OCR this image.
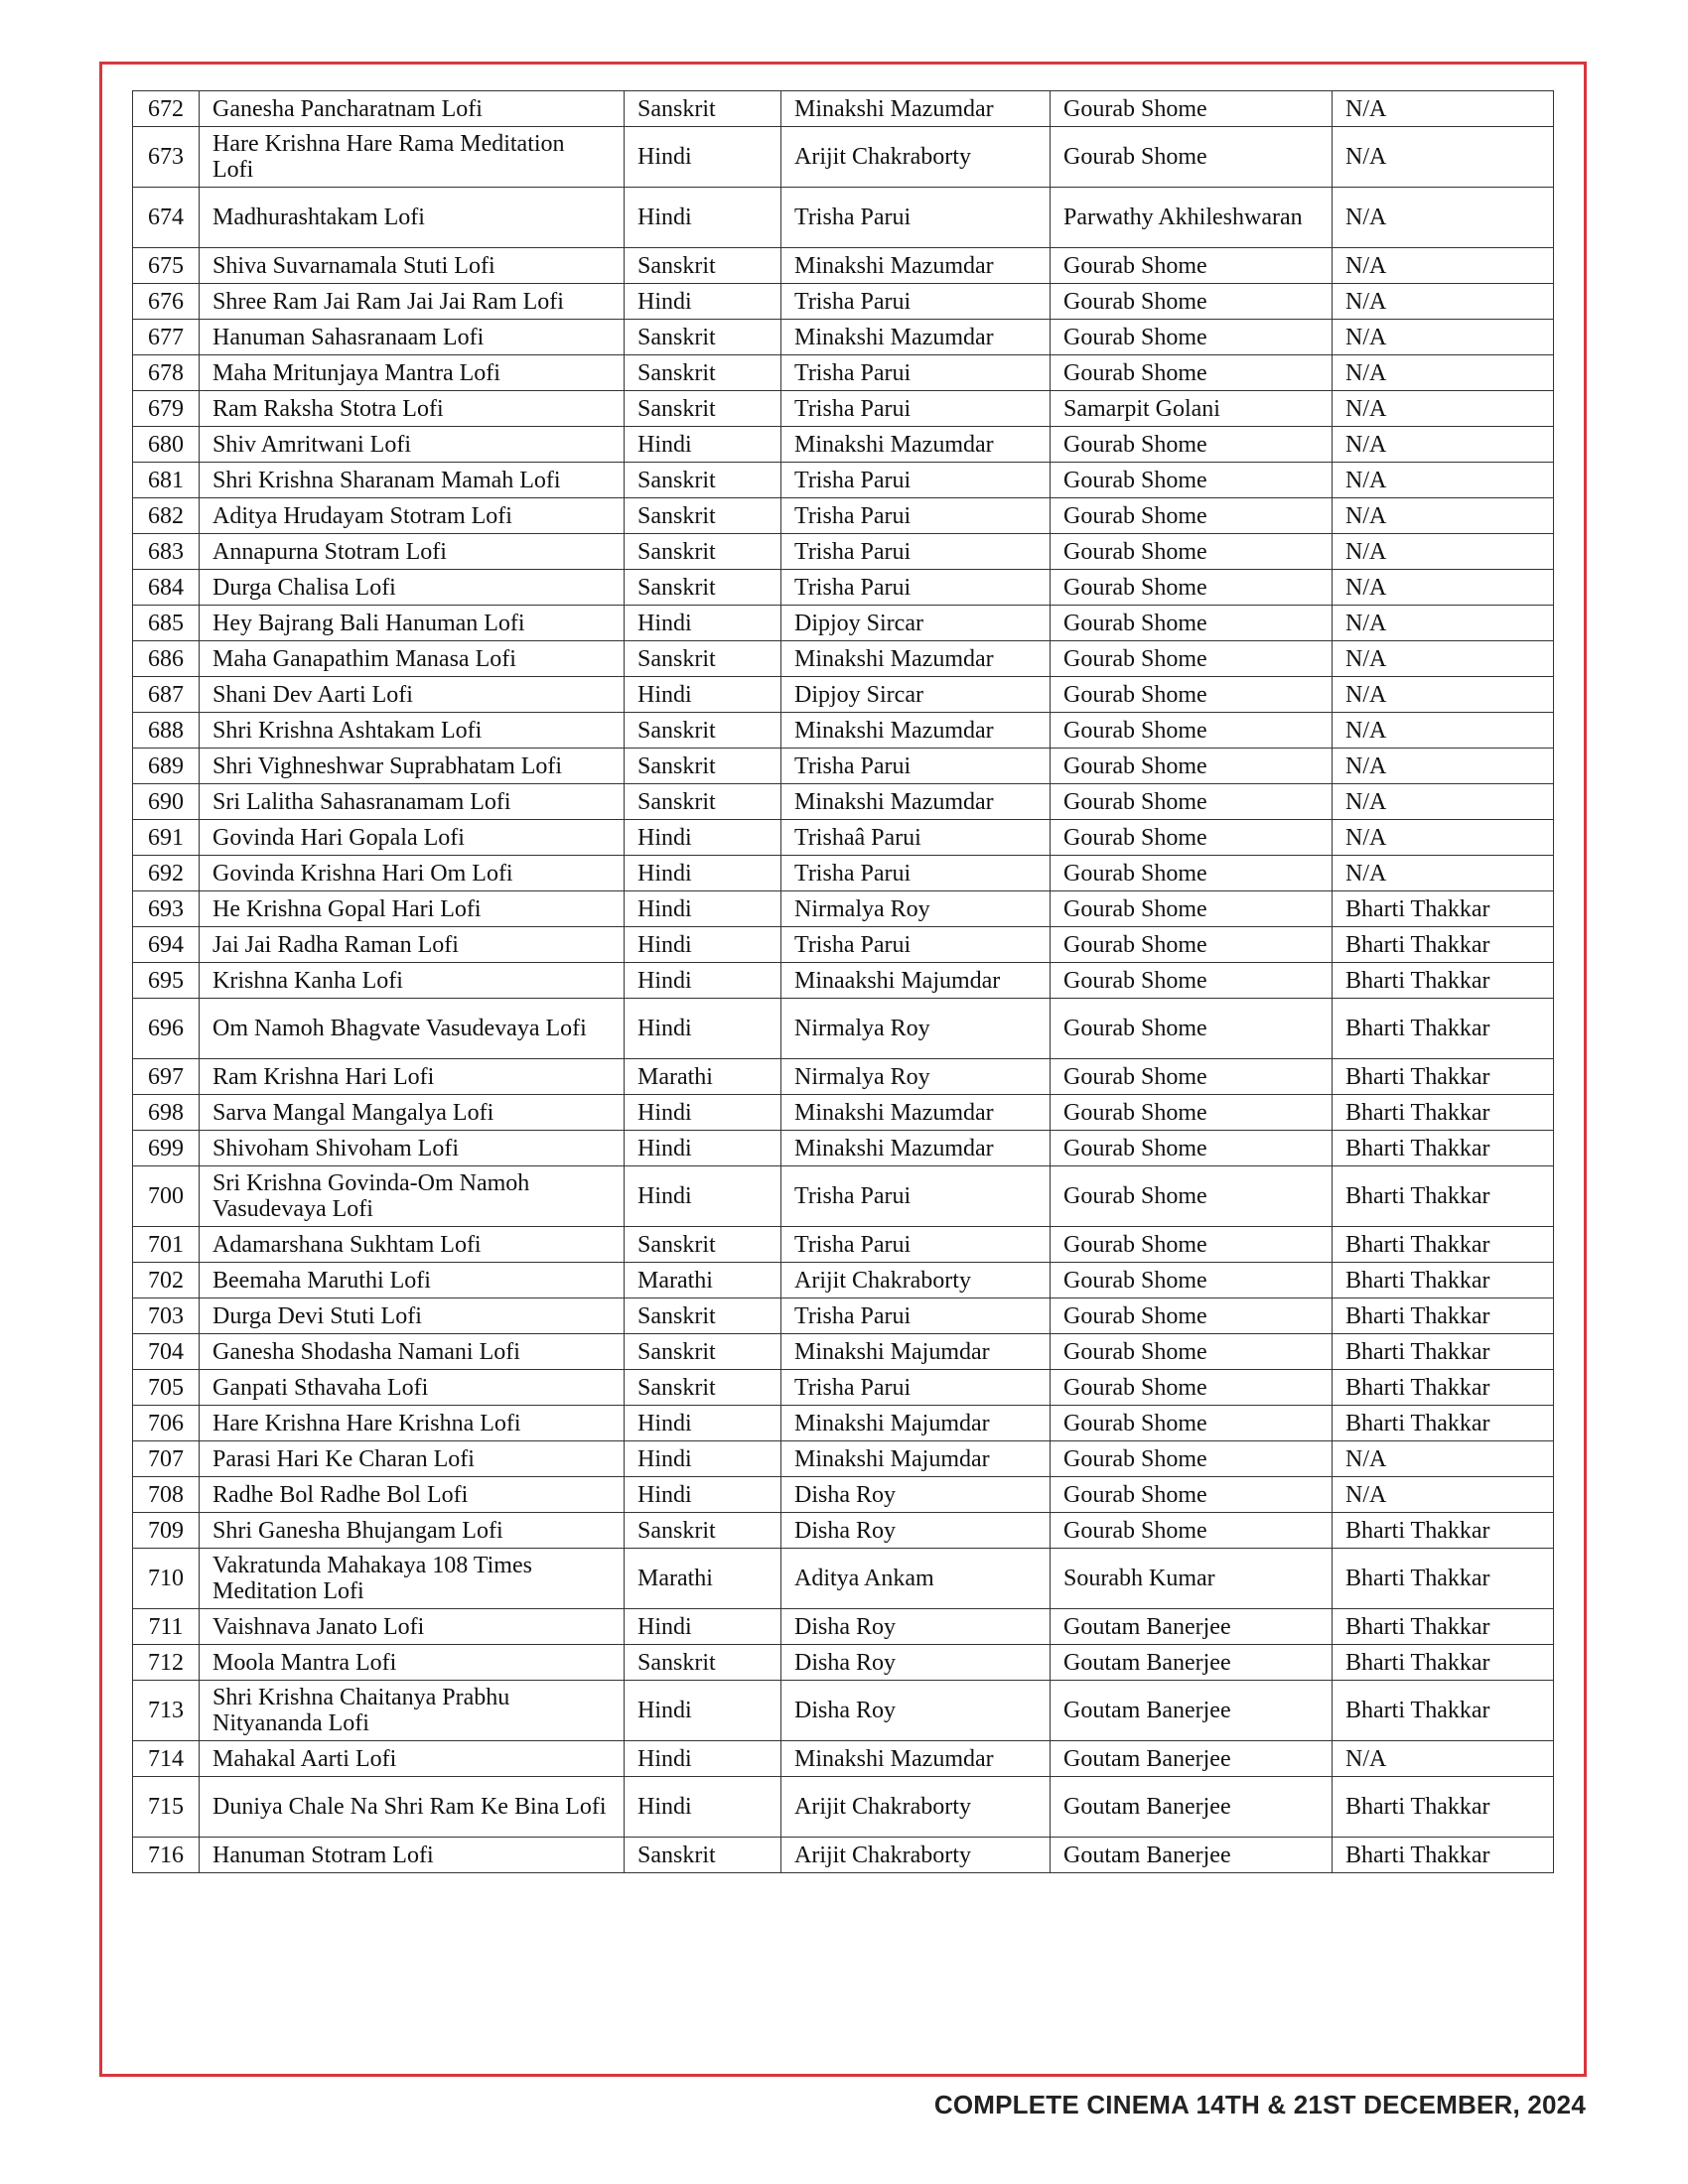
672	Ganesha Pancharatnam Lofi	Sanskrit	Minakshi Mazumdar	Gourab Shome	N/A
673	Hare Krishna Hare Rama Meditation Lofi	Hindi	Arijit Chakraborty	Gourab Shome	N/A
674	Madhurashtakam Lofi	Hindi	Trisha Parui	Parwathy Akhileshwaran	N/A
675	Shiva Suvarnamala Stuti Lofi	Sanskrit	Minakshi Mazumdar	Gourab Shome	N/A
676	Shree Ram Jai Ram Jai Jai Ram Lofi	Hindi	Trisha Parui	Gourab Shome	N/A
677	Hanuman Sahasranaam Lofi	Sanskrit	Minakshi Mazumdar	Gourab Shome	N/A
678	Maha Mritunjaya Mantra Lofi	Sanskrit	Trisha Parui	Gourab Shome	N/A
679	Ram Raksha Stotra Lofi	Sanskrit	Trisha Parui	Samarpit Golani	N/A
680	Shiv Amritwani Lofi	Hindi	Minakshi Mazumdar	Gourab Shome	N/A
681	Shri Krishna Sharanam Mamah Lofi	Sanskrit	Trisha Parui	Gourab Shome	N/A
682	Aditya Hrudayam Stotram Lofi	Sanskrit	Trisha Parui	Gourab Shome	N/A
683	Annapurna Stotram Lofi	Sanskrit	Trisha Parui	Gourab Shome	N/A
684	Durga Chalisa Lofi	Sanskrit	Trisha Parui	Gourab Shome	N/A
685	Hey Bajrang Bali Hanuman Lofi	Hindi	Dipjoy Sircar	Gourab Shome	N/A
686	Maha Ganapathim Manasa Lofi	Sanskrit	Minakshi Mazumdar	Gourab Shome	N/A
687	Shani Dev Aarti Lofi	Hindi	Dipjoy Sircar	Gourab Shome	N/A
688	Shri Krishna Ashtakam Lofi	Sanskrit	Minakshi Mazumdar	Gourab Shome	N/A
689	Shri Vighneshwar Suprabhatam Lofi	Sanskrit	Trisha Parui	Gourab Shome	N/A
690	Sri Lalitha Sahasranamam Lofi	Sanskrit	Minakshi Mazumdar	Gourab Shome	N/A
691	Govinda Hari Gopala Lofi	Hindi	Trishaâ Parui	Gourab Shome	N/A
692	Govinda Krishna Hari Om Lofi	Hindi	Trisha Parui	Gourab Shome	N/A
693	He Krishna Gopal Hari Lofi	Hindi	Nirmalya Roy	Gourab Shome	Bharti Thakkar
694	Jai Jai Radha Raman Lofi	Hindi	Trisha Parui	Gourab Shome	Bharti Thakkar
695	Krishna Kanha Lofi	Hindi	Minaakshi Majumdar	Gourab Shome	Bharti Thakkar
696	Om Namoh Bhagvate Vasudevaya Lofi	Hindi	Nirmalya Roy	Gourab Shome	Bharti Thakkar
697	Ram Krishna Hari Lofi	Marathi	Nirmalya Roy	Gourab Shome	Bharti Thakkar
698	Sarva Mangal Mangalya Lofi	Hindi	Minakshi Mazumdar	Gourab Shome	Bharti Thakkar
699	Shivoham Shivoham Lofi	Hindi	Minakshi Mazumdar	Gourab Shome	Bharti Thakkar
700	Sri Krishna Govinda-Om Namoh Vasudevaya Lofi	Hindi	Trisha Parui	Gourab Shome	Bharti Thakkar
701	Adamarshana Sukhtam Lofi	Sanskrit	Trisha Parui	Gourab Shome	Bharti Thakkar
702	Beemaha Maruthi Lofi	Marathi	Arijit Chakraborty	Gourab Shome	Bharti Thakkar
703	Durga Devi Stuti Lofi	Sanskrit	Trisha Parui	Gourab Shome	Bharti Thakkar
704	Ganesha Shodasha Namani Lofi	Sanskrit	Minakshi Majumdar	Gourab Shome	Bharti Thakkar
705	Ganpati Sthavaha Lofi	Sanskrit	Trisha Parui	Gourab Shome	Bharti Thakkar
706	Hare Krishna Hare Krishna Lofi	Hindi	Minakshi Majumdar	Gourab Shome	Bharti Thakkar
707	Parasi Hari Ke Charan Lofi	Hindi	Minakshi Majumdar	Gourab Shome	N/A
708	Radhe Bol Radhe Bol Lofi	Hindi	Disha Roy	Gourab Shome	N/A
709	Shri Ganesha Bhujangam Lofi	Sanskrit	Disha Roy	Gourab Shome	Bharti Thakkar
710	Vakratunda Mahakaya 108 Times Meditation Lofi	Marathi	Aditya Ankam	Sourabh Kumar	Bharti Thakkar
711	Vaishnava Janato Lofi	Hindi	Disha Roy	Goutam Banerjee	Bharti Thakkar
712	Moola Mantra Lofi	Sanskrit	Disha Roy	Goutam Banerjee	Bharti Thakkar
713	Shri Krishna Chaitanya Prabhu Nityananda Lofi	Hindi	Disha Roy	Goutam Banerjee	Bharti Thakkar
714	Mahakal Aarti Lofi	Hindi	Minakshi Mazumdar	Goutam Banerjee	N/A
715	Duniya Chale Na Shri Ram Ke Bina Lofi	Hindi	Arijit Chakraborty	Goutam Banerjee	Bharti Thakkar
716	Hanuman Stotram Lofi	Sanskrit	Arijit Chakraborty	Goutam Banerjee	Bharti Thakkar
COMPLETE CINEMA 14TH & 21ST DECEMBER, 2024
